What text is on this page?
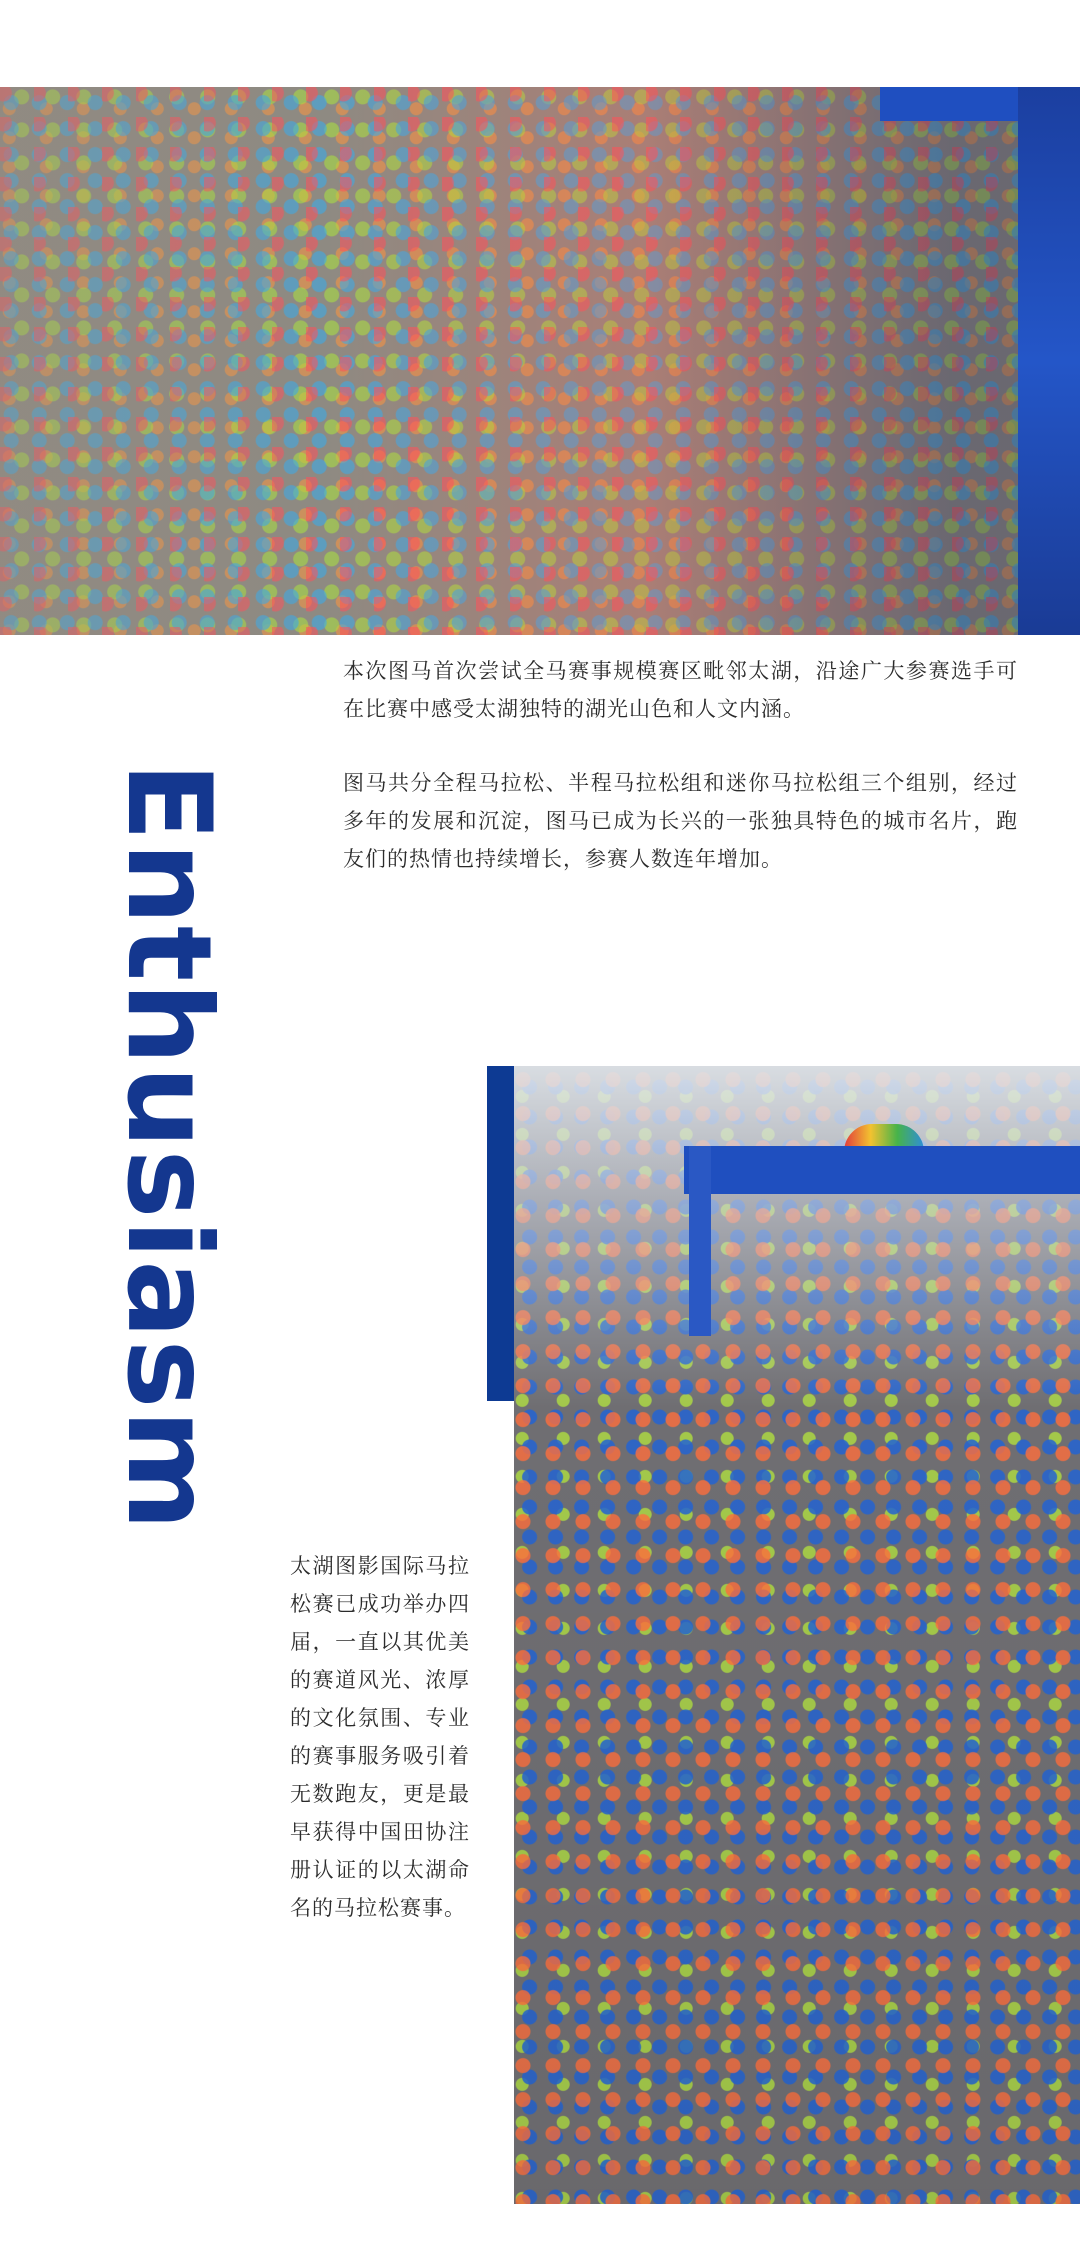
本次图马首次尝试全马赛事规模赛区毗邻太湖，沿途广大参赛选手可在比赛中感受太湖独特的湖光山色和人文内涵。

图马共分全程马拉松、半程马拉松组和迷你马拉松组三个组别，经过多年的发展和沉淀，图马已成为长兴的一张独具特色的城市名片，跑友们的热情也持续增长，参赛人数连年增加。

Enthusiasm

太湖图影国际马拉松赛已成功举办四届，一直以其优美的赛道风光、浓厚的文化氛围、专业的赛事服务吸引着无数跑友，更是最早获得中国田协注册认证的以太湖命名的马拉松赛事。
